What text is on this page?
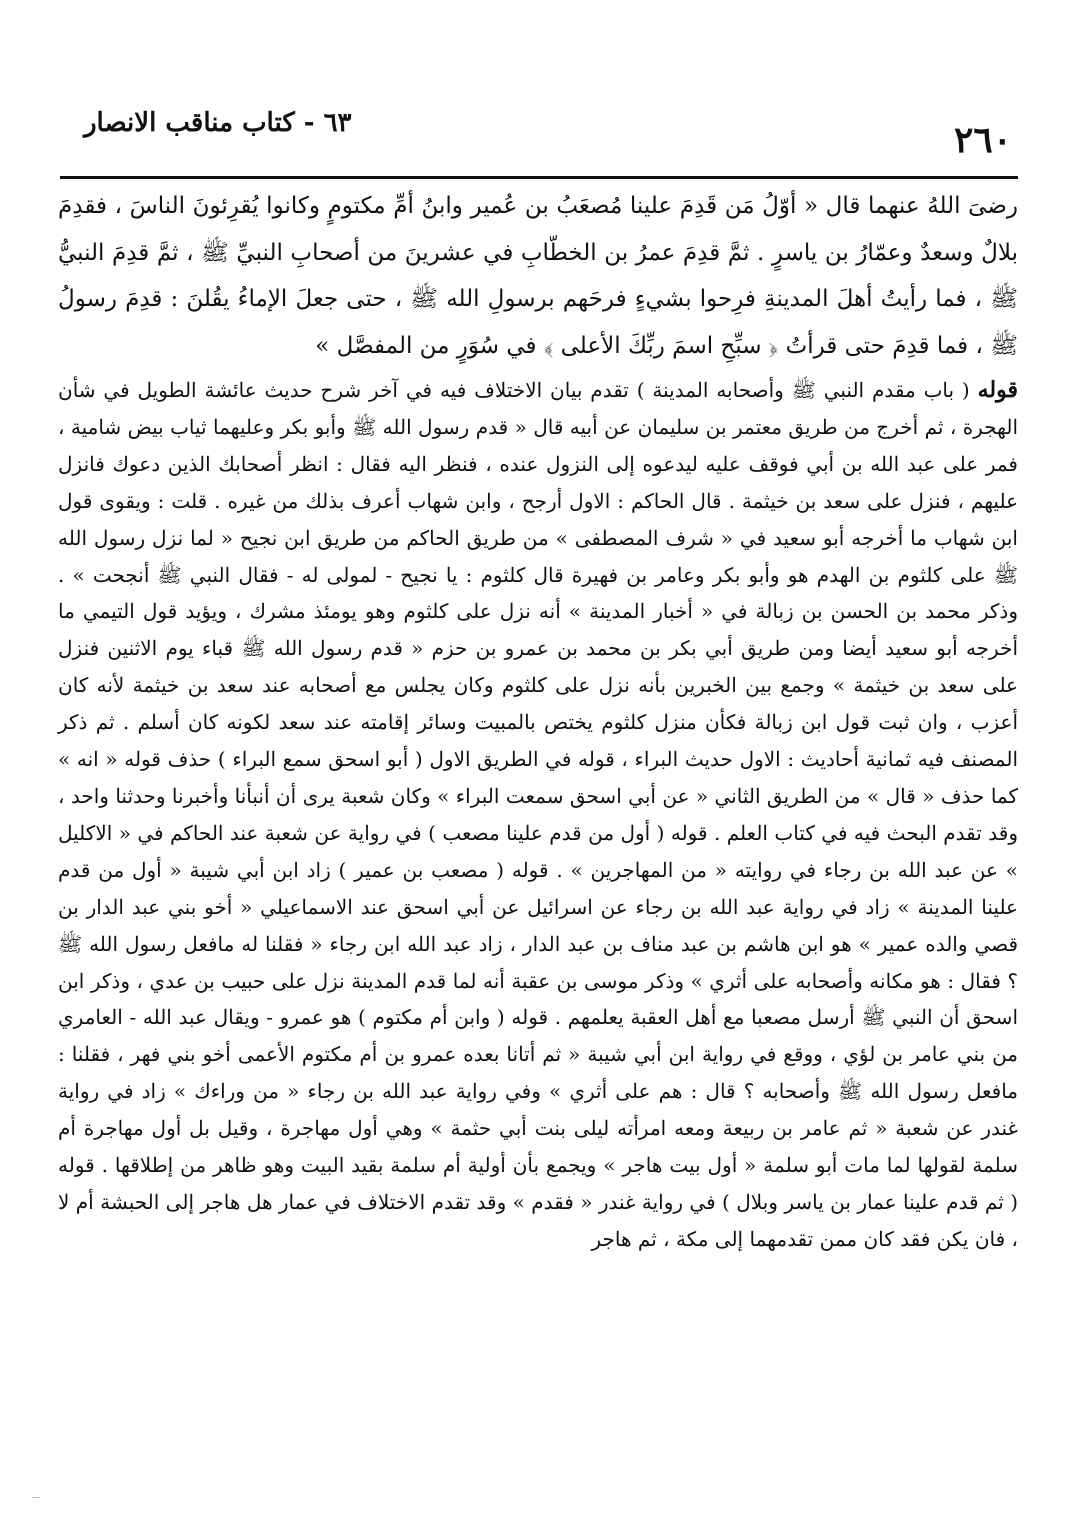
٢٦٠
٦٣ - كتاب مناقب الانصار

رضىَ اللهُ عنهما قال « أوّلُ مَن قَدِمَ علينا مُصعَبُ بن عُمير وابنُ أمِّ مكتومٍ وكانوا يُقرِئونَ الناسَ ، فقدِمَ بلالٌ وسعدٌ وعمّارُ بن ياسرٍ . ثمَّ قدِمَ عمرُ بن الخطّابِ في عشرينَ من أصحابِ النبيِّ ﷺ ، ثمَّ قدِمَ النبيُّ ﷺ ، فما رأيتُ أهلَ المدينةِ فرِحوا بشيءٍ فرحَهم برسولِ الله ﷺ ، حتى جعلَ الإماءُ يقُلنَ : قدِمَ رسولُ ﷺ ، فما قدِمَ حتى قرأتُ ﴿ سبِّحِ اسمَ ربِّكَ الأعلى ﴾ في سُوَرٍ من المفصَّل »

قوله ( باب مقدم النبي ﷺ وأصحابه المدينة ) تقدم بيان الاختلاف فيه في آخر شرح حديث عائشة الطويل في شأن الهجرة ، ثم أخرج من طريق معتمر بن سليمان عن أبيه قال « قدم رسول الله ﷺ وأبو بكر وعليهما ثياب بيض شامية ، فمر على عبد الله بن أبي فوقف عليه ليدعوه إلى النزول عنده ، فنظر اليه فقال : انظر أصحابك الذين دعوك فانزل عليهم ، فنزل على سعد بن خيثمة . قال الحاكم : الاول أرجح ، وابن شهاب أعرف بذلك من غيره . قلت : ويقوى قول ابن شهاب ما أخرجه أبو سعيد في « شرف المصطفى » من طريق الحاكم من طريق ابن نجيح « لما نزل رسول الله ﷺ على كلثوم بن الهدم هو وأبو بكر وعامر بن فهيرة قال كلثوم : يا نجيح - لمولى له - فقال النبي ﷺ أنجحت » . وذكر محمد بن الحسن بن زبالة في « أخبار المدينة » أنه نزل على كلثوم وهو يومئذ مشرك ، ويؤيد قول التيمي ما أخرجه أبو سعيد أيضا ومن طريق أبي بكر بن محمد بن عمرو بن حزم « قدم رسول الله ﷺ قباء يوم الاثنين فنزل على سعد بن خيثمة » وجمع بين الخبرين بأنه نزل على كلثوم وكان يجلس مع أصحابه عند سعد بن خيثمة لأنه كان أعزب ، وان ثبت قول ابن زبالة فكأن منزل كلثوم يختص بالمبيت وسائر إقامته عند سعد لكونه كان أسلم . ثم ذكر المصنف فيه ثمانية أحاديث : الاول حديث البراء ، قوله في الطريق الاول ( أبو اسحق سمع البراء ) حذف قوله « انه » كما حذف « قال » من الطريق الثاني « عن أبي اسحق سمعت البراء » وكان شعبة يرى أن أنبأنا وأخبرنا وحدثنا واحد ، وقد تقدم البحث فيه في كتاب العلم . قوله ( أول من قدم علينا مصعب ) في رواية عن شعبة عند الحاكم في « الاكليل » عن عبد الله بن رجاء في روايته « من المهاجرين » . قوله ( مصعب بن عمير ) زاد ابن أبي شيبة « أول من قدم علينا المدينة » زاد في رواية عبد الله بن رجاء عن اسرائيل عن أبي اسحق عند الاسماعيلي « أخو بني عبد الدار بن قصي والده عمير » هو ابن هاشم بن عبد مناف بن عبد الدار ، زاد عبد الله ابن رجاء « فقلنا له مافعل رسول الله ﷺ ؟ فقال : هو مكانه وأصحابه على أثري » وذكر موسى بن عقبة أنه لما قدم المدينة نزل على حبيب بن عدي ، وذكر ابن اسحق أن النبي ﷺ أرسل مصعبا مع أهل العقبة يعلمهم . قوله ( وابن أم مكتوم ) هو عمرو - ويقال عبد الله - العامري من بني عامر بن لؤي ، ووقع في رواية ابن أبي شيبة « ثم أتانا بعده عمرو بن أم مكتوم الأعمى أخو بني فهر ، فقلنا : مافعل رسول الله ﷺ وأصحابه ؟ قال : هم على أثري » وفي رواية عبد الله بن رجاء « من وراءك » زاد في رواية غندر عن شعبة « ثم عامر بن ربيعة ومعه امرأته ليلى بنت أبي حثمة » وهي أول مهاجرة ، وقيل بل أول مهاجرة أم سلمة لقولها لما مات أبو سلمة « أول بيت هاجر » ويجمع بأن أولية أم سلمة بقيد البيت وهو ظاهر من إطلاقها . قوله ( ثم قدم علينا عمار بن ياسر وبلال ) في رواية غندر « فقدم » وقد تقدم الاختلاف في عمار هل هاجر إلى الحبشة أم لا ، فان يكن فقد كان ممن تقدمهما إلى مكة ، ثم هاجر
